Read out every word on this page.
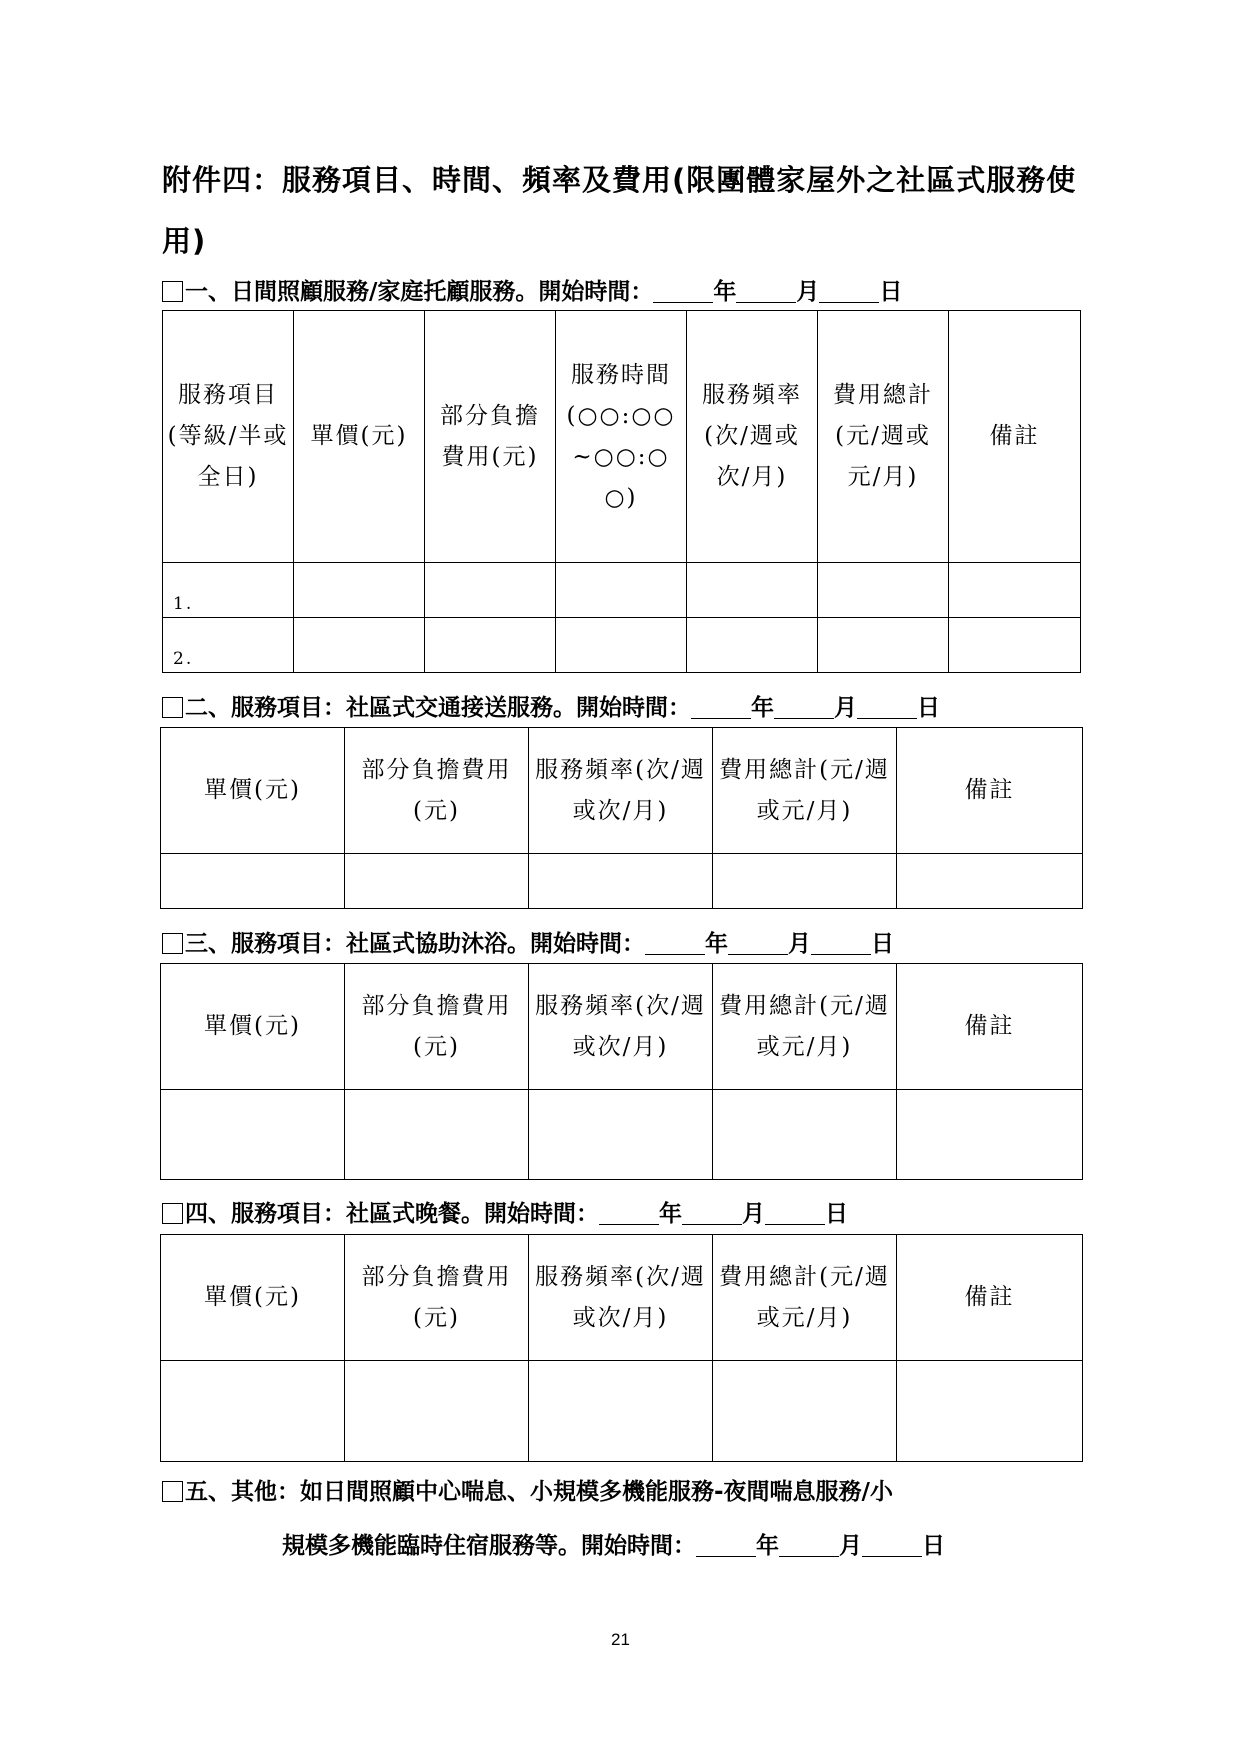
附件四：服務項目、時間、頻率及費用(限團體家屋外之社區式服務使用)
一、日間照顧服務/家庭托顧服務。開始時間：	年	月	日
服務項目(等級/半或全日)	單價(元)	部分負擔費用(元)	服務時間(○○:○○~○○:○○)	服務頻率(次/週或次/月)	費用總計(元/週或元/月)	備註
1.						
2.						
二、服務項目：社區式交通接送服務。開始時間：	年	月	日
單價(元)	部分負擔費用(元)	服務頻率(次/週或次/月)	費用總計(元/週或元/月)	備註

三、服務項目：社區式協助沐浴。開始時間：	年	月	日
單價(元)	部分負擔費用(元)	服務頻率(次/週或次/月)	費用總計(元/週或元/月)	備註

四、服務項目：社區式晚餐。開始時間：	年	月	日
單價(元)	部分負擔費用(元)	服務頻率(次/週或次/月)	費用總計(元/週或元/月)	備註

五、其他：如日間照顧中心喘息、小規模多機能服務-夜間喘息服務/小
規模多機能臨時住宿服務等。開始時間：	年	月	日
21
